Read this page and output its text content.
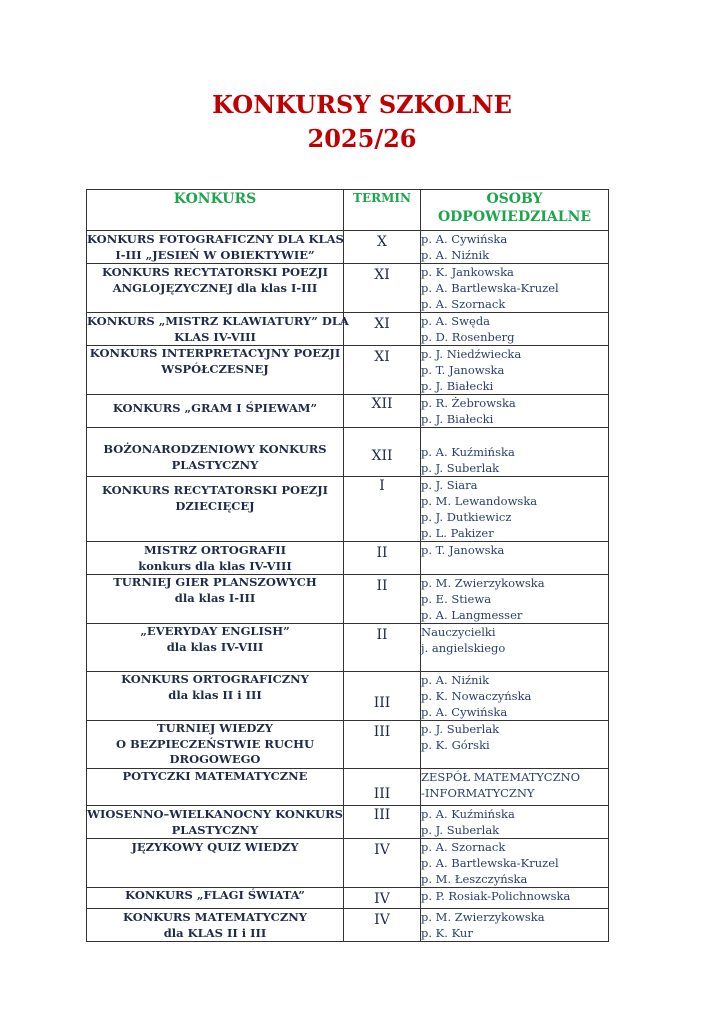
KONKURSY SZKOLNE
2025/26
KONKURS	TERMIN	OSOBY
ODPOWIEDZIALNE

KONKURS FOTOGRAFICZNY DLA KLAS
I-III „JESIEŃ W OBIEKTYWIE”	X	p. A. Cywińska
p. A. Niźnik

KONKURS RECYTATORSKI POEZJI
ANGLOJĘZYCZNEJ dla klas I-III	XI	p. K. Jankowska
p. A. Bartlewska-Kruzel
p. A. Szornack

KONKURS „MISTRZ KLAWIATURY” DLA
KLAS IV-VIII	XI	p. A. Swęda
p. D. Rosenberg

KONKURS INTERPRETACYJNY POEZJI
WSPÓŁCZESNEJ	XI	p. J. Niedźwiecka
p. T. Janowska
p. J. Białecki

KONKURS „GRAM I ŚPIEWAM”	XII	p. R. Żebrowska
p. J. Białecki

BOŻONARODZENIOWY KONKURS
PLASTYCZNY	XII	p. A. Kuźmińska
p. J. Suberlak

KONKURS RECYTATORSKI POEZJI
DZIECIĘCEJ	I	p. J. Siara
p. M. Lewandowska
p. J. Dutkiewicz
p. L. Pakizer

MISTRZ ORTOGRAFII
konkurs dla klas IV-VIII	II	p. T. Janowska

TURNIEJ GIER PLANSZOWYCH
dla klas I-III	II	p. M. Zwierzykowska
p. E. Stiewa
p. A. Langmesser

„EVERYDAY ENGLISH”
dla klas IV-VIII	II	Nauczycielki
j. angielskiego

KONKURS ORTOGRAFICZNY
dla klas II i III	III	p. A. Niźnik
p. K. Nowaczyńska
p. A. Cywińska

TURNIEJ WIEDZY
O BEZPIECZEŃSTWIE RUCHU
DROGOWEGO	III	p. J. Suberlak
p. K. Górski

POTYCZKI MATEMATYCZNE	III	ZESPÓŁ MATEMATYCZNO
-INFORMATYCZNY

WIOSENNO–WIELKANOCNY KONKURS
PLASTYCZNY	III	p. A. Kuźmińska
p. J. Suberlak

JĘZYKOWY QUIZ WIEDZY	IV	p. A. Szornack
p. A. Bartlewska-Kruzel
p. M. Łeszczyńska

KONKURS „FLAGI ŚWIATA”	IV	p. P. Rosiak-Polichnowska

KONKURS MATEMATYCZNY
dla KLAS II i III	IV	p. M. Zwierzykowska
p. K. Kur
